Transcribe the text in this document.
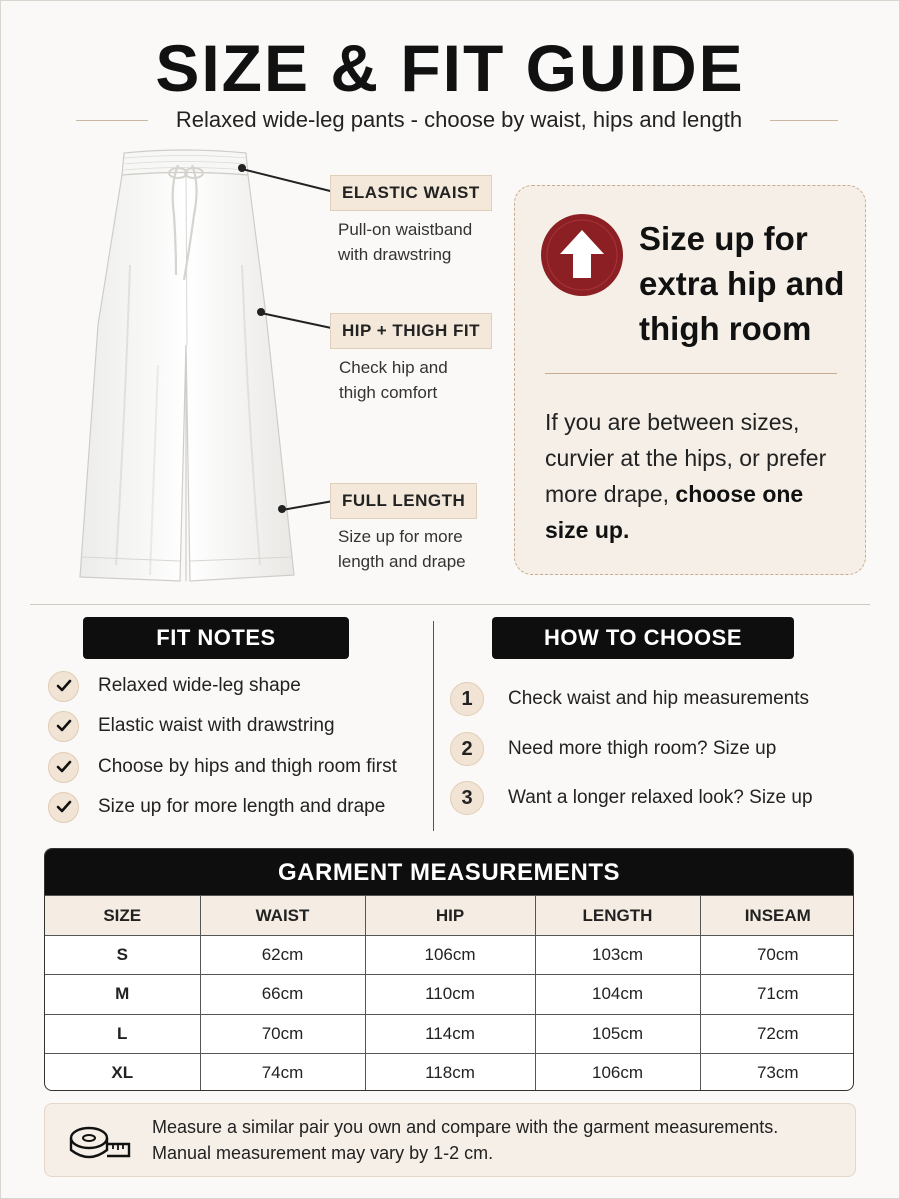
SIZE & FIT GUIDE
Relaxed wide-leg pants - choose by waist, hips and length
ELASTIC WAIST
Pull-on waistband with drawstring
HIP + THIGH FIT
Check hip and thigh comfort
FULL LENGTH
Size up for more length and drape
Size up for extra hip and thigh room
If you are between sizes, curvier at the hips, or prefer more drape, choose one size up.
FIT NOTES
Relaxed wide-leg shape
Elastic waist with drawstring
Choose by hips and thigh room first
Size up for more length and drape
HOW TO CHOOSE
1	Check waist and hip measurements
2	Need more thigh room? Size up
3	Want a longer relaxed look? Size up
GARMENT MEASUREMENTS
SIZE	WAIST	HIP	LENGTH	INSEAM
S	62cm	106cm	103cm	70cm
M	66cm	110cm	104cm	71cm
L	70cm	114cm	105cm	72cm
XL	74cm	118cm	106cm	73cm
Measure a similar pair you own and compare with the garment measurements.
Manual measurement may vary by 1-2 cm.
